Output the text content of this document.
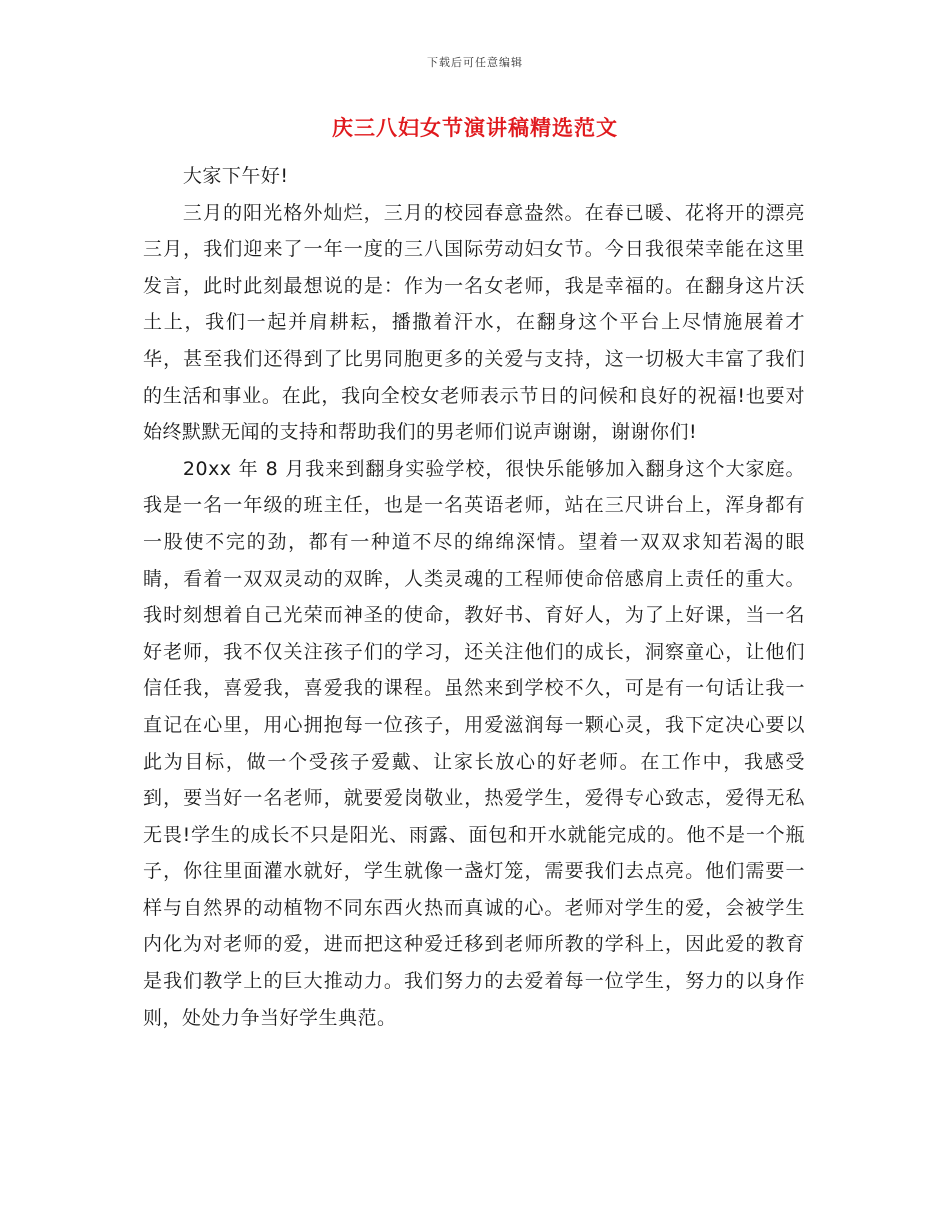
下载后可任意编辑
庆三八妇女节演讲稿精选范文

大家下午好!

三月的阳光格外灿烂，三月的校园春意盎然。在春已暖、花将开的漂亮三月，我们迎来了一年一度的三八国际劳动妇女节。今日我很荣幸能在这里发言，此时此刻最想说的是：作为一名女老师，我是幸福的。在翻身这片沃土上，我们一起并肩耕耘，播撒着汗水，在翻身这个平台上尽情施展着才华，甚至我们还得到了比男同胞更多的关爱与支持，这一切极大丰富了我们的生活和事业。在此，我向全校女老师表示节日的问候和良好的祝福!也要对始终默默无闻的支持和帮助我们的男老师们说声谢谢，谢谢你们!

20xx 年 8 月我来到翻身实验学校，很快乐能够加入翻身这个大家庭。我是一名一年级的班主任，也是一名英语老师，站在三尺讲台上，浑身都有一股使不完的劲，都有一种道不尽的绵绵深情。望着一双双求知若渴的眼睛，看着一双双灵动的双眸，人类灵魂的工程师使命倍感肩上责任的重大。我时刻想着自己光荣而神圣的使命，教好书、育好人，为了上好课，当一名好老师，我不仅关注孩子们的学习，还关注他们的成长，洞察童心，让他们信任我，喜爱我，喜爱我的课程。虽然来到学校不久，可是有一句话让我一直记在心里，用心拥抱每一位孩子，用爱滋润每一颗心灵，我下定决心要以此为目标，做一个受孩子爱戴、让家长放心的好老师。在工作中，我感受到，要当好一名老师，就要爱岗敬业，热爱学生，爱得专心致志，爱得无私无畏!学生的成长不只是阳光、雨露、面包和开水就能完成的。他不是一个瓶子，你往里面灌水就好，学生就像一盏灯笼，需要我们去点亮。他们需要一样与自然界的动植物不同东西火热而真诚的心。老师对学生的爱，会被学生内化为对老师的爱，进而把这种爱迁移到老师所教的学科上，因此爱的教育是我们教学上的巨大推动力。我们努力的去爱着每一位学生，努力的以身作则，处处力争当好学生典范。
